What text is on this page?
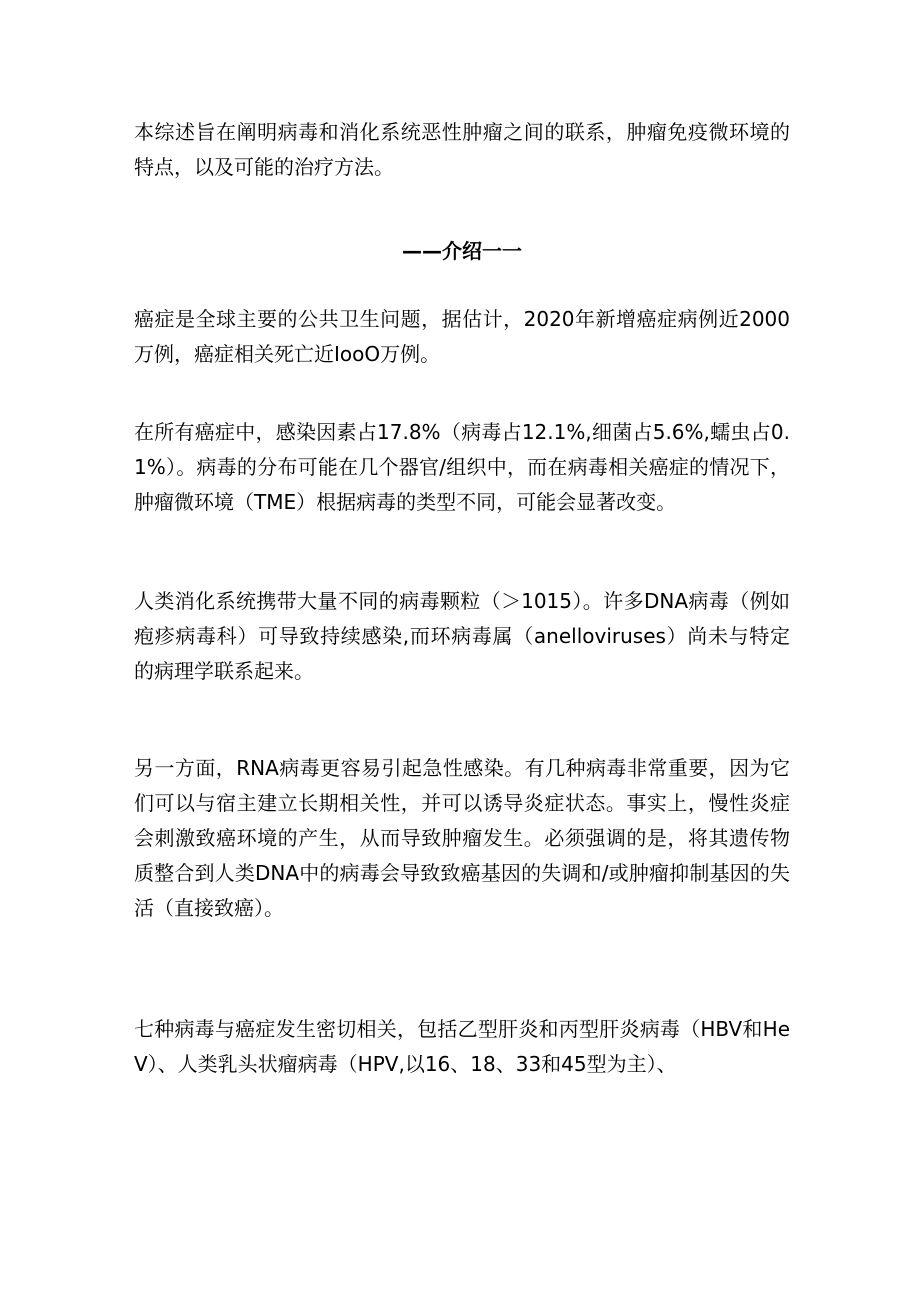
本综述旨在阐明病毒和消化系统恶性肿瘤之间的联系，肿瘤免疫微环境的特点，以及可能的治疗方法。

——介绍一一

癌症是全球主要的公共卫生问题，据估计，2020年新增癌症病例近2000万例，癌症相关死亡近IooO万例。

在所有癌症中，感染因素占17.8%（病毒占12.1%,细菌占5.6%,蠕虫占0.1%）。病毒的分布可能在几个器官/组织中，而在病毒相关癌症的情况下，肿瘤微环境（TME）根据病毒的类型不同，可能会显著改变。

人类消化系统携带大量不同的病毒颗粒（＞1015）。许多DNA病毒（例如疱疹病毒科）可导致持续感染,而环病毒属（anelloviruses）尚未与特定的病理学联系起来。

另一方面，RNA病毒更容易引起急性感染。有几种病毒非常重要，因为它们可以与宿主建立长期相关性，并可以诱导炎症状态。事实上，慢性炎症会刺激致癌环境的产生，从而导致肿瘤发生。必须强调的是，将其遗传物质整合到人类DNA中的病毒会导致致癌基因的失调和/或肿瘤抑制基因的失活（直接致癌）。

七种病毒与癌症发生密切相关，包括乙型肝炎和丙型肝炎病毒（HBV和HeV）、人类乳头状瘤病毒（HPV,以16、18、33和45型为主）、
